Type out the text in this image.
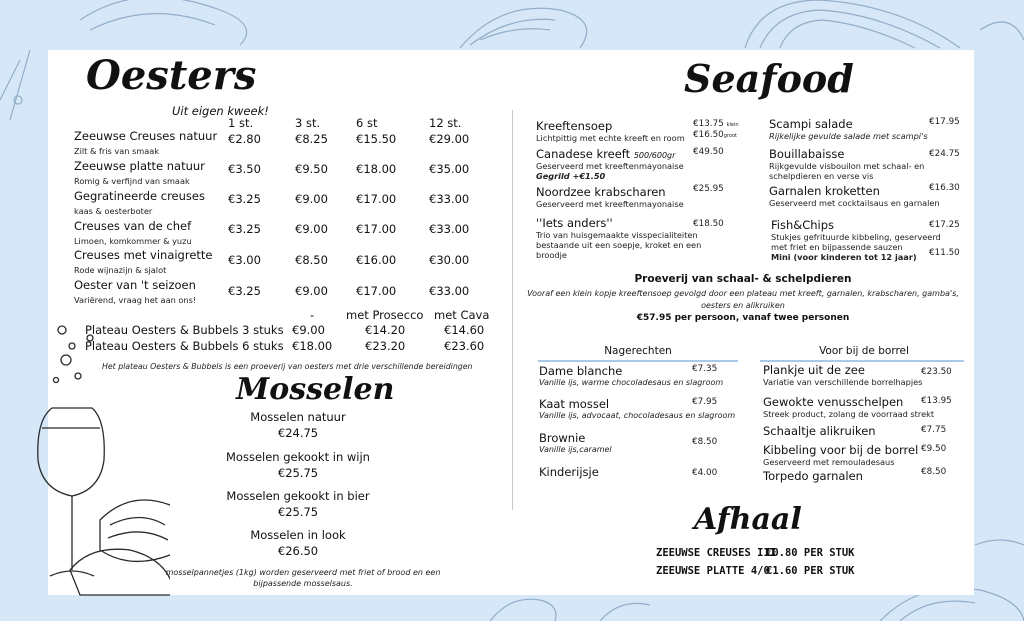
Oesters
Uit eigen kweek!
1 st.	3 st.	6 st	12 st.
Zeeuwse Creuses natuur
Zilt & fris van smaak
€2.80	€8.25 €15.50	€29.00
Zeeuwse platte natuur
Romig & verfijnd van smaak
€3.50	€9.50 €18.00	€35.00
Gegratineerde creuses
kaas & oesterboter
€3.25	€9.00 €17.00	€33.00
Creuses van de chef
Limoen, komkommer & yuzu
€3.25	€9.00 €17.00	€33.00
Creuses met vinaigrette
Rode wijnazijn & sjalot
€3.00	€8.50 €16.00	€30.00
Oester van 't seizoen
Variërend, vraag het aan ons!
€3.25	€9.00 €17.00	€33.00
-	met Prosecco met Cava
Plateau Oesters & Bubbels 3 stuks €9.00	€14.20	€14.60
Plateau Oesters & Bubbels 6 stuks €18.00	€23.20	€23.60
Het plateau Oesters & Bubbels is een proeverij van oesters met drie verschillende bereidingen
Mosselen
Mosselen natuur
€24.75
Mosselen gekookt in wijn
€25.75
Mosselen gekookt in bier
€25.75
Mosselen in look
€26.50
mosselpannetjes (1kg) worden geserveerd met friet of brood en een
bijpassende mosselsaus.
Seafood
Kreeftensoep
Lichtpittig met echte kreeft en room
€13.75 klein
€16.50groot
Canadese kreeft 500/600gr
Geserveerd met kreeftenmayonaise
Gegrild +€1.50
€49.50
Noordzee krabscharen
Geserveerd met kreeftenmayonaise
€25.95
''Iets anders''
Trio van huisgemaakte visspecialiteiten
bestaande uit een soepje, kroket en een
broodje
€18.50
Scampi salade
Rijkelijke gevulde salade met scampi's
€17.95
Bouillabaisse
Rijkgevulde visbouilon met schaal- en
schelpdieren en verse vis
€24.75
Garnalen kroketten
Geserveerd met cocktailsaus en garnalen
€16.30
Fish&Chips
Stukjes gefrituurde kibbeling, geserveerd
met friet en bijpassende sauzen
Mini (voor kinderen tot 12 jaar)
€17.25
€11.50
Proeverij van schaal- & schelpdieren
Vooraf een klein kopje kreeftensoep gevolgd door een plateau met kreeft, garnalen, krabscharen, gamba's,
oesters en alikruiken
€57.95 per persoon, vanaf twee personen
Nagerechten
Dame blanche
Vanille ijs, warme chocoladesaus en slagroom
€7.35
Kaat mossel
Vanille ijs, advocaat, chocoladesaus en slagroom
€7.95
Brownie
Vanille ijs,caramel
€8.50
Kinderijsje	€4.00
Voor bij de borrel
Plankje uit de zee
Variatie van verschillende borrelhapjes
€23.50
Gewokte venusschelpen
Streek product, zolang de voorraad strekt
€13.95
Schaaltje alikruiken	€7.75
Kibbeling voor bij de borrel
Geserveerd met remouladesaus
€9.50
Torpedo garnalen	€8.50
Afhaal
ZEEUWSE CREUSES III
€0.80 PER STUK
ZEEUWSE PLATTE 4/0
€1.60 PER STUK
